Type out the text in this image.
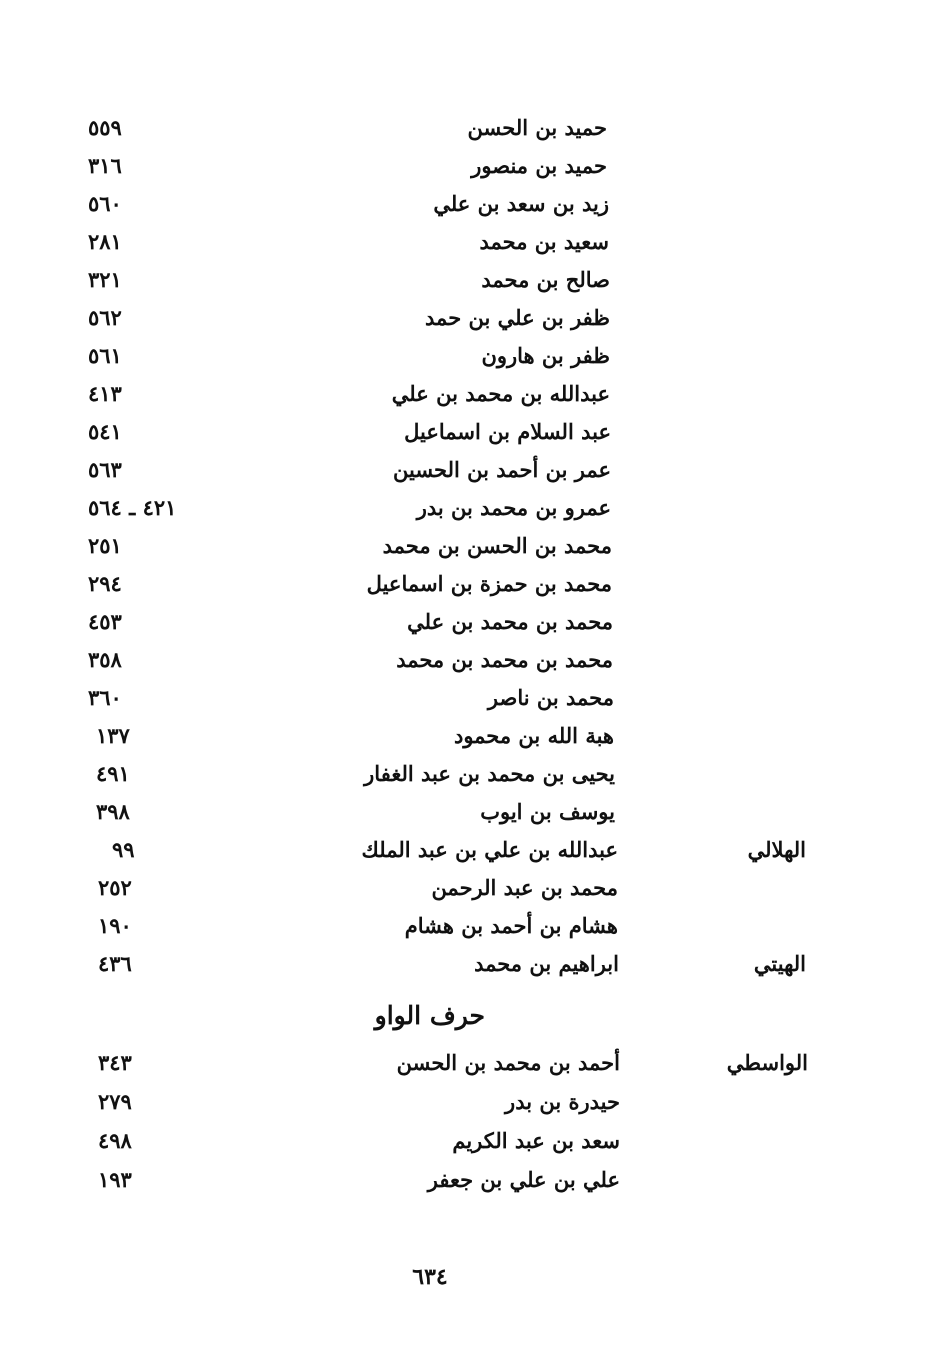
حميد بن الحسن
٥٥٩
حميد بن منصور
٣١٦
زيد بن سعد بن علي
٥٦٠
سعيد بن محمد
٢٨١
صالح بن محمد
٣٢١
ظفر بن علي بن حمد
٥٦٢
ظفر بن هارون
٥٦١
عبدالله بن محمد بن علي
٤١٣
عبد السلام بن اسماعيل
٥٤١
عمر بن أحمد بن الحسين
٥٦٣
عمرو بن محمد بن بدر
٤٢١ ـ ٥٦٤
محمد بن الحسن بن محمد
٢٥١
محمد بن حمزة بن اسماعيل
٢٩٤
محمد بن محمد بن علي
٤٥٣
محمد بن محمد بن محمد
٣٥٨
محمد بن ناصر
٣٦٠
هبة الله بن محمود
١٣٧
يحيى بن محمد بن عبد الغفار
٤٩١
يوسف بن ايوب
٣٩٨
الهلالي
عبدالله بن علي بن عبد الملك
٩٩
محمد بن عبد الرحمن
٢٥٢
هشام بن أحمد بن هشام
١٩٠
الهيتي
ابراهيم بن محمد
٤٣٦
حرف الواو
الواسطي
أحمد بن محمد بن الحسن
٣٤٣
حيدرة بن بدر
٢٧٩
سعد بن عبد الكريم
٤٩٨
علي بن علي بن جعفر
١٩٣
٦٣٤
